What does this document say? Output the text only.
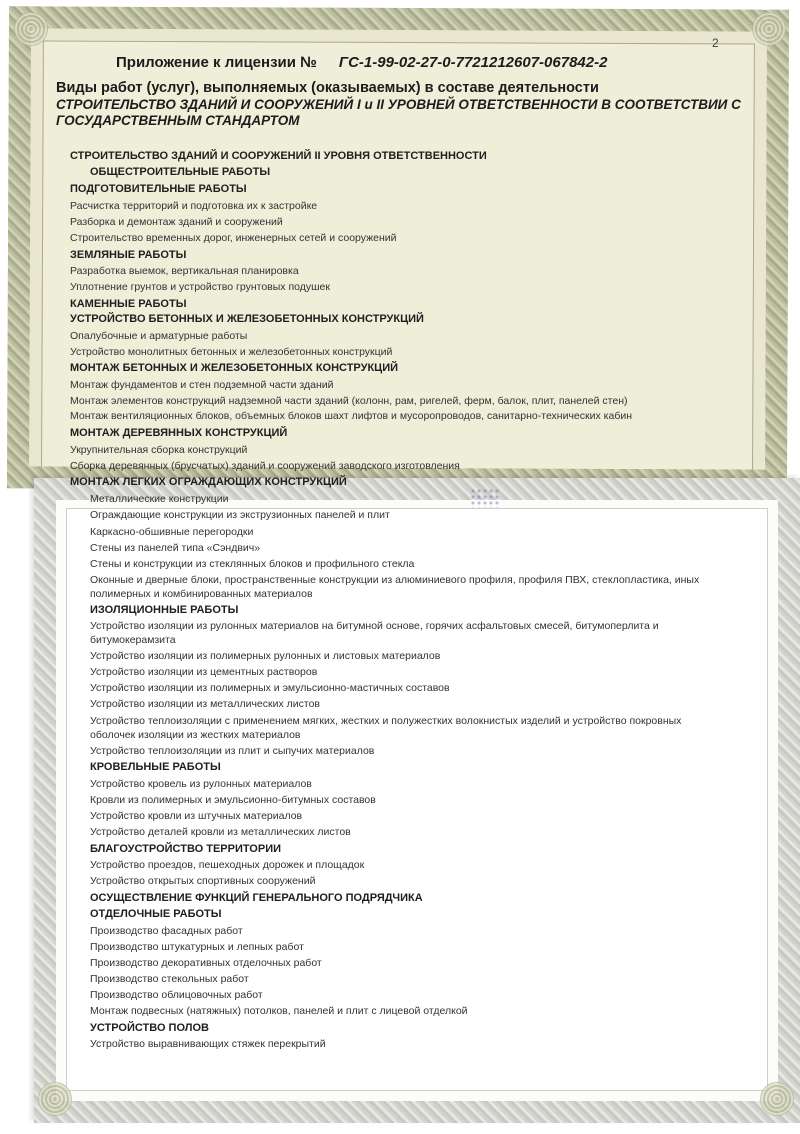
2
Приложение к лицензии № ГС-1-99-02-27-0-7721212607-067842-2
Виды работ (услуг), выполняемых (оказываемых) в составе деятельности
СТРОИТЕЛЬСТВО ЗДАНИЙ И СООРУЖЕНИЙ I и II УРОВНЕЙ ОТВЕТСТВЕННОСТИ В СООТВЕТСТВИИ С ГОСУДАРСТВЕННЫМ СТАНДАРТОМ
СТРОИТЕЛЬСТВО ЗДАНИЙ И СООРУЖЕНИЙ II УРОВНЯ ОТВЕТСТВЕННОСТИ
ОБЩЕСТРОИТЕЛЬНЫЕ РАБОТЫ
ПОДГОТОВИТЕЛЬНЫЕ РАБОТЫ
Расчистка территорий и подготовка их к застройке
Разборка и демонтаж зданий и сооружений
Строительство временных дорог, инженерных сетей и сооружений
ЗЕМЛЯНЫЕ РАБОТЫ
Разработка выемок, вертикальная планировка
Уплотнение грунтов и устройство грунтовых подушек
КАМЕННЫЕ РАБОТЫ
УСТРОЙСТВО БЕТОННЫХ И ЖЕЛЕЗОБЕТОННЫХ КОНСТРУКЦИЙ
Опалубочные и арматурные работы
Устройство монолитных бетонных и железобетонных конструкций
МОНТАЖ БЕТОННЫХ И ЖЕЛЕЗОБЕТОННЫХ КОНСТРУКЦИЙ
Монтаж фундаментов и стен подземной части зданий
Монтаж элементов конструкций надземной части зданий (колонн, рам, ригелей, ферм, балок, плит, панелей стен)
Монтаж вентиляционных блоков, объемных блоков шахт лифтов и мусоропроводов, санитарно-технических кабин
МОНТАЖ ДЕРЕВЯННЫХ КОНСТРУКЦИЙ
Укрупнительная сборка конструкций
Сборка деревянных (брусчатых) зданий и сооружений заводского изготовления
МОНТАЖ ЛЕГКИХ ОГРАЖДАЮЩИХ КОНСТРУКЦИЙ
Металлические конструкции
Ограждающие конструкции из экструзионных панелей и плит
Каркасно-обшивные перегородки
Стены из панелей типа «Сэндвич»
Стены и конструкции из стеклянных блоков и профильного стекла
Оконные и дверные блоки, пространственные конструкции из алюминиевого профиля, профиля ПВХ, стеклопластика, иных полимерных и комбинированных материалов
ИЗОЛЯЦИОННЫЕ РАБОТЫ
Устройство изоляции из рулонных материалов на битумной основе, горячих асфальтовых смесей, битумоперлита и битумокерамзита
Устройство изоляции из полимерных рулонных и листовых материалов
Устройство изоляции из цементных растворов
Устройство изоляции из полимерных и эмульсионно-мастичных составов
Устройство изоляции из металлических листов
Устройство теплоизоляции с применением мягких, жестких и полужестких волокнистых изделий и устройство покровных оболочек изоляции из жестких материалов
Устройство теплоизоляции из плит и сыпучих материалов
КРОВЕЛЬНЫЕ РАБОТЫ
Устройство кровель из рулонных материалов
Кровли из полимерных и эмульсионно-битумных составов
Устройство кровли из штучных материалов
Устройство деталей кровли из металлических листов
БЛАГОУСТРОЙСТВО ТЕРРИТОРИИ
Устройство проездов, пешеходных дорожек и площадок
Устройство открытых спортивных сооружений
ОСУЩЕСТВЛЕНИЕ ФУНКЦИЙ ГЕНЕРАЛЬНОГО ПОДРЯДЧИКА
ОТДЕЛОЧНЫЕ РАБОТЫ
Производство фасадных работ
Производство штукатурных и лепных работ
Производство декоративных отделочных работ
Производство стекольных работ
Производство облицовочных работ
Монтаж подвесных (натяжных) потолков, панелей и плит с лицевой отделкой
УСТРОЙСТВО ПОЛОВ
Устройство выравнивающих стяжек перекрытий
